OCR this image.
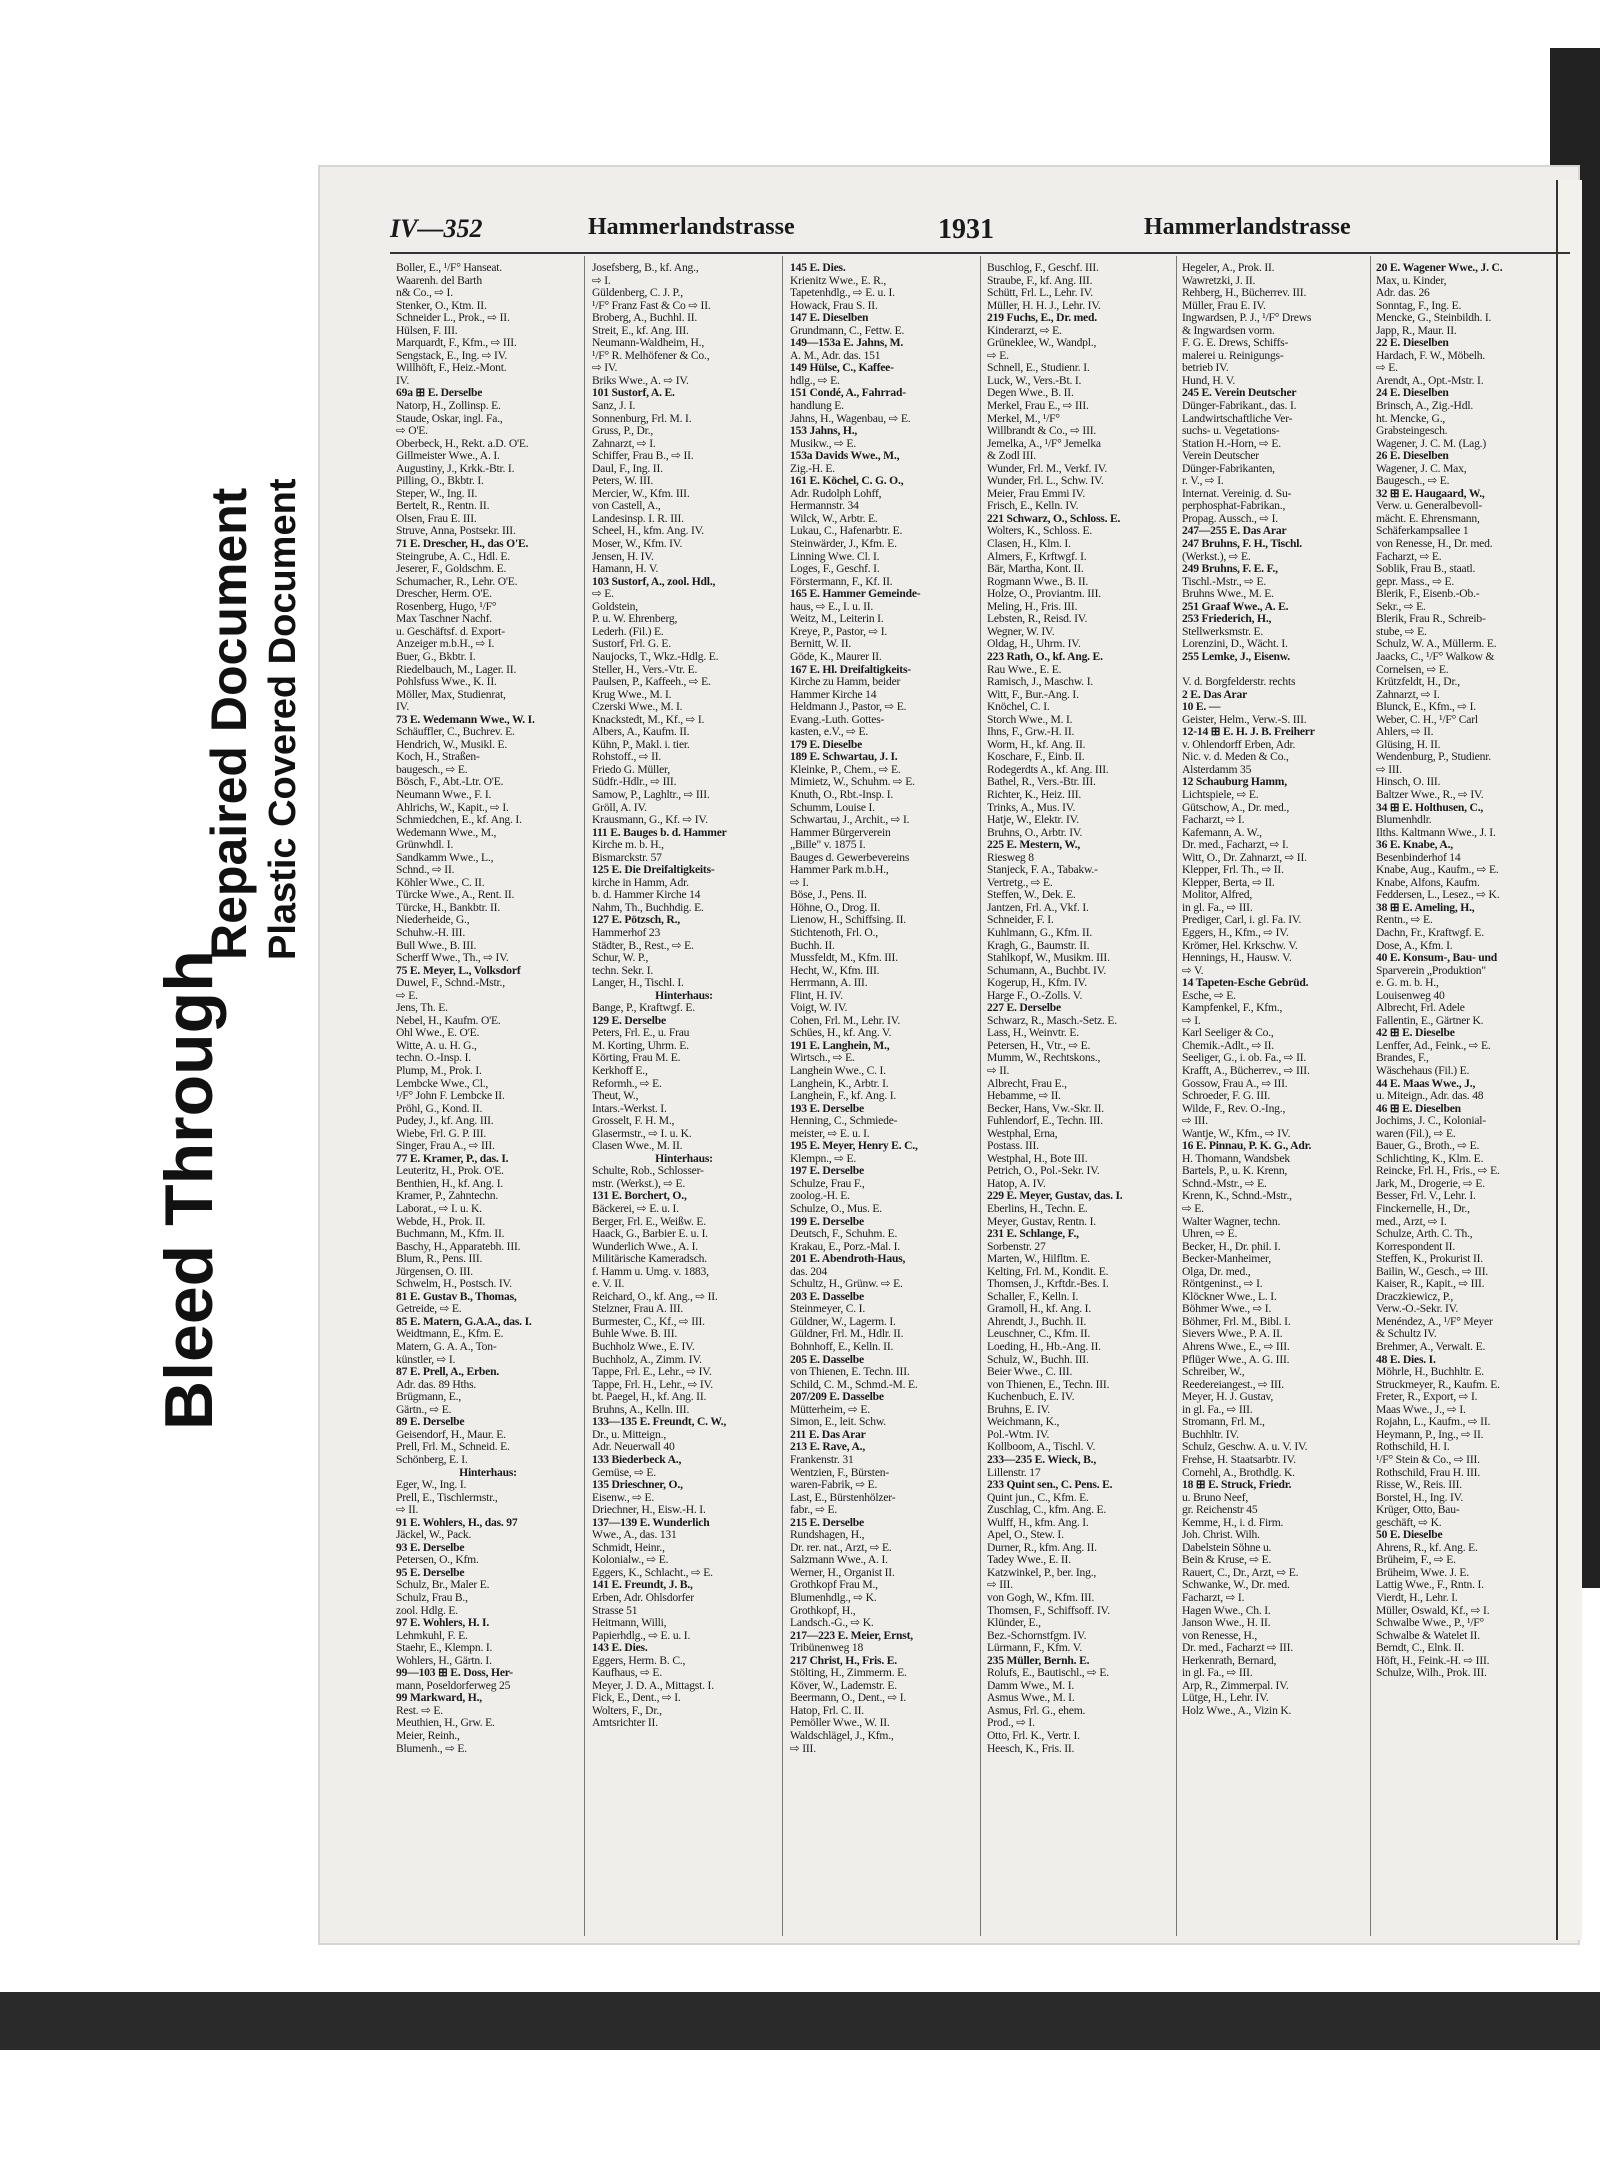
Bleed Through
Repaired Document Plastic Covered Document
IV—352	Hammerlandstrasse	1931	Hammerlandstrasse
Boller, E., ¹/F° Hanseat.
Waarenh. del Barth
n& Co., ⇨ I.
Stenker, O., Ktm. II.
Schneider L., Prok., ⇨ II.
Hülsen, F. III.
Marquardt, F., Kfm., ⇨ III.
Sengstack, E., Ing. ⇨ IV.
Willhöft, F., Heiz.-Mont.
IV.
69a ⊞ E. Derselbe
Natorp, H., Zollinsp. E.
Staude, Oskar, ingl. Fa.,
⇨ O'E.
Oberbeck, H., Rekt. a.D. O'E.
Gillmeister Wwe., A. I.
Augustiny, J., Krkk.-Btr. I.
Pilling, O., Bkbtr. I.
Steper, W., Ing. II.
Bertelt, R., Rentn. II.
Olsen, Frau E. III.
Struve, Anna, Postsekr. III.
71 E. Drescher, H., das O'E.
Steingrube, A. C., Hdl. E.
Jeserer, F., Goldschm. E.
Schumacher, R., Lehr. O'E.
Drescher, Herm. O'E.
Rosenberg, Hugo, ¹/F°
Max Taschner Nachf.
u. Geschäftsf. d. Export-
Anzeiger m.b.H., ⇨ I.
Buer, G., Bkbtr. I.
Riedelbauch, M., Lager. II.
Pohlsfuss Wwe., K. II.
Möller, Max, Studienrat,
IV.
73 E. Wedemann Wwe., W. I.
Schäuffler, C., Buchrev. E.
Hendrich, W., Musikl. E.
Koch, H., Straßen-
baugesch., ⇨ E.
Bösch, F., Abt.-Ltr. O'E.
Neumann Wwe., F. I.
Ahlrichs, W., Kapit., ⇨ I.
Schmiedchen, E., kf. Ang. I.
Wedemann Wwe., M.,
Grünwhdl. I.
Sandkamm Wwe., L.,
Schnd., ⇨ II.
Köhler Wwe., C. II.
Türcke Wwe., A., Rent. II.
Türcke, H., Bankbtr. II.
Niederheide, G.,
Schuhw.-H. III.
Bull Wwe., B. III.
Scherff Wwe., Th., ⇨ IV.
75 E. Meyer, L., Volksdorf
Duwel, F., Schnd.-Mstr.,
⇨ E.
Jens, Th. E.
Nebel, H., Kaufm. O'E.
Ohl Wwe., E. O'E.
Witte, A. u. H. G.,
techn. O.-Insp. I.
Plump, M., Prok. I.
Lembcke Wwe., Cl.,
¹/F° John F. Lembcke II.
Pröhl, G., Kond. II.
Pudey, J., kf. Ang. III.
Wiebe, Frl. G. P. III.
Singer, Frau A., ⇨ III.
77 E. Kramer, P., das. I.
Leuteritz, H., Prok. O'E.
Benthien, H., kf. Ang. I.
Kramer, P., Zahntechn.
Laborat., ⇨ I. u. K.
Webde, H., Prok. II.
Buchmann, M., Kfm. II.
Baschy, H., Apparatebh. III.
Blum, R., Pens. III.
Jürgensen, O. III.
Schwelm, H., Postsch. IV.
81 E. Gustav B., Thomas,
Getreide, ⇨ E.
85 E. Matern, G.A.A., das. I.
Weidtmann, E., Kfm. E.
Matern, G. A. A., Ton-
künstler, ⇨ I.
87 E. Prell, A., Erben.
Adr. das. 89 Hths.
Brügmann, E.,
Gärtn., ⇨ E.
89 E. Derselbe
Geisendorf, H., Maur. E.
Prell, Frl. M., Schneid. E.
Schönberg, E. I.
Hinterhaus:
Eger, W., Ing. I.
Prell, E., Tischlermstr.,
⇨ II.
91 E. Wohlers, H., das. 97
Jäckel, W., Pack.
93 E. Derselbe
Petersen, O., Kfm.
95 E. Derselbe
Schulz, Br., Maler E.
Schulz, Frau B.,
zool. Hdlg. E.
97 E. Wohlers, H. I.
Lehmkuhl, F. E.
Staehr, E., Klempn. I.
Wohlers, H., Gärtn. I.
99—103 ⊞ E. Doss, Her-
mann, Poseldorferweg 25
99 Markward, H.,
Rest. ⇨ E.
Meuthien, H., Grw. E.
Meier, Reinh.,
Blumenh., ⇨ E.
Josefsberg, B., kf. Ang.,
⇨ I.
Güldenberg, C. J. P.,
¹/F° Franz Fast & Co ⇨ II.
Broberg, A., Buchhl. II.
Streit, E., kf. Ang. III.
Neumann-Waldheim, H.,
¹/F° R. Melhöfener & Co.,
⇨ IV.
Briks Wwe., A. ⇨ IV.
101 Sustorf, A. E.
Sanz, J. I.
Sonnenburg, Frl. M. I.
Gruss, P., Dr.,
Zahnarzt, ⇨ I.
Schiffer, Frau B., ⇨ II.
Daul, F., Ing. II.
Peters, W. III.
Mercier, W., Kfm. III.
von Castell, A.,
Landesinsp. I. R. III.
Scheel, H., kfm. Ang. IV.
Moser, W., Kfm. IV.
Jensen, H. IV.
Hamann, H. V.
103 Sustorf, A., zool. Hdl.,
⇨ E.
Goldstein,
P. u. W. Ehrenberg,
Lederh. (Fil.) E.
Sustorf, Frl. G. E.
Naujocks, T., Wkz.-Hdlg. E.
Steller, H., Vers.-Vtr. E.
Paulsen, P., Kaffeeh., ⇨ E.
Krug Wwe., M. I.
Czerski Wwe., M. I.
Knackstedt, M., Kf., ⇨ I.
Albers, A., Kaufm. II.
Kühn, P., Makl. i. tier.
Rohstoff., ⇨ II.
Friedo G. Müller,
Südfr.-Hdlr., ⇨ III.
Samow, P., Laghltr., ⇨ III.
Gröll, A. IV.
Krausmann, G., Kf. ⇨ IV.
111 E. Bauges b. d. Hammer
Kirche m. b. H.,
Bismarckstr. 57
125 E. Die Dreifaltigkeits-
kirche in Hamm, Adr.
b. d. Hammer Kirche 14
Nahm, Th., Buchhdig. E.
127 E. Pötzsch, R.,
Hammerhof 23
Städter, B., Rest., ⇨ E.
Schur, W. P.,
techn. Sekr. I.
Langer, H., Tischl. I.
Hinterhaus:
Bange, P., Kraftwgf. E.
129 E. Derselbe
Peters, Frl. E., u. Frau
M. Korting, Uhrm. E.
Körting, Frau M. E.
Kerkhoff E.,
Reformh., ⇨ E.
Theut, W.,
Intars.-Werkst. I.
Grosselt, F. H. M.,
Glasermstr., ⇨ I. u. K.
Clasen Wwe., M. II.
Hinterhaus:
Schulte, Rob., Schlosser-
mstr. (Werkst.), ⇨ E.
131 E. Borchert, O.,
Bäckerei, ⇨ E. u. I.
Berger, Frl. E., Weißw. E.
Haack, G., Barbier E. u. I.
Wunderlich Wwe., A. I.
Militärische Kameradsch.
f. Hamm u. Umg. v. 1883,
e. V. II.
Reichard, O., kf. Ang., ⇨ II.
Stelzner, Frau A. III.
Burmester, C., Kf., ⇨ III.
Buhle Wwe. B. III.
Buchholz Wwe., E. IV.
Buchholz, A., Zimm. IV.
Tappe, Frl. E., Lehr., ⇨ IV.
Tappe, Frl. H., Lehr., ⇨ IV.
bt. Paegel, H., kf. Ang. II.
Bruhns, A., Kelln. III.
133—135 E. Freundt, C. W.,
Dr., u. Mitteign.,
Adr. Neuerwall 40
133 Biederbeck A.,
Gemüse, ⇨ E.
135 Drieschner, O.,
Eisenw., ⇨ E.
Driechner, H., Eisw.-H. I.
137—139 E. Wunderlich
Wwe., A., das. 131
Schmidt, Heinr.,
Kolonialw., ⇨ E.
Eggers, K., Schlacht., ⇨ E.
141 E. Freundt, J. B.,
Erben, Adr. Ohlsdorfer
Strasse 51
Heitmann, Willi,
Papierhdlg., ⇨ E. u. I.
143 E. Dies.
Eggers, Herm. B. C.,
Kaufhaus, ⇨ E.
Meyer, J. D. A., Mittagst. I.
Fick, E., Dent., ⇨ I.
Wolters, F., Dr.,
Amtsrichter II.
145 E. Dies.
Krienitz Wwe., E. R.,
Tapetenhdlg., ⇨ E. u. I.
Howack, Frau S. II.
147 E. Dieselben
Grundmann, C., Fettw. E.
149—153a E. Jahns, M.
A. M., Adr. das. 151
149 Hülse, C., Kaffee-
hdlg., ⇨ E.
151 Condé, A., Fahrrad-
handlung E.
Jahns, H., Wagenbau, ⇨ E.
153 Jahns, H.,
Musikw., ⇨ E.
153a Davids Wwe., M.,
Zig.-H. E.
161 E. Köchel, C. G. O.,
Adr. Rudolph Lohff,
Hermannstr. 34
Wilck, W., Arbtr. E.
Lukau, C., Hafenarbtr. E.
Steinwärder, J., Kfm. E.
Linning Wwe. Cl. I.
Loges, F., Geschf. I.
Förstermann, F., Kf. II.
165 E. Hammer Gemeinde-
haus, ⇨ E., I. u. II.
Weitz, M., Leiterin I.
Kreye, P., Pastor, ⇨ I.
Bernitt, W. II.
Göde, K., Maurer II.
167 E. Hl. Dreifaltigkeits-
Kirche zu Hamm, beider
Hammer Kirche 14
Heldmann J., Pastor, ⇨ E.
Evang.-Luth. Gottes-
kasten, e.V., ⇨ E.
179 E. Dieselbe
189 E. Schwartau, J. I.
Kleinke, P., Chem., ⇨ E.
Mimietz, W., Schuhm. ⇨ E.
Knuth, O., Rbt.-Insp. I.
Schumm, Louise I.
Schwartau, J., Archit., ⇨ I.
Hammer Bürgerverein
„Bille" v. 1875 I.
Bauges d. Gewerbevereins
Hammer Park m.b.H.,
⇨ I.
Böse, J., Pens. II.
Höhne, O., Drog. II.
Lienow, H., Schiffsing. II.
Stichtenoth, Frl. O.,
Buchh. II.
Mussfeldt, M., Kfm. III.
Hecht, W., Kfm. III.
Herrmann, A. III.
Flint, H. IV.
Voigt, W. IV.
Cohen, Frl. M., Lehr. IV.
Schües, H., kf. Ang. V.
191 E. Langhein, M.,
Wirtsch., ⇨ E.
Langhein Wwe., C. I.
Langhein, K., Arbtr. I.
Langhein, F., kf. Ang. I.
193 E. Derselbe
Henning, C., Schmiede-
meister, ⇨ E. u. I.
195 E. Meyer, Henry E. C.,
Klempn., ⇨ E.
197 E. Derselbe
Schulze, Frau F.,
zoolog.-H. E.
Schulze, O., Mus. E.
199 E. Derselbe
Deutsch, F., Schuhm. E.
Krakau, E., Porz.-Mal. I.
201 E. Abendroth-Haus,
das. 204
Schultz, H., Grünw. ⇨ E.
203 E. Dasselbe
Steinmeyer, C. I.
Güldner, W., Lagerm. I.
Güldner, Frl. M., Hdlr. II.
Bohnhoff, E., Kelln. II.
205 E. Dasselbe
von Thienen, E. Techn. III.
Schild, C. M., Schmd.-M. E.
207/209 E. Dasselbe
Mütterheim, ⇨ E.
Simon, E., leit. Schw.
211 E. Das Arar
213 E. Rave, A.,
Frankenstr. 31
Wentzien, F., Bürsten-
waren-Fabrik, ⇨ E.
Last, E., Bürstenhölzer-
fabr., ⇨ E.
215 E. Derselbe
Rundshagen, H.,
Dr. rer. nat., Arzt, ⇨ E.
Salzmann Wwe., A. I.
Werner, H., Organist II.
Grothkopf Frau M.,
Blumenhdlg., ⇨ K.
Grothkopf, H.,
Landsch.-G., ⇨ K.
217—223 E. Meier, Ernst,
Tribünenweg 18
217 Christ, H., Fris. E.
Stölting, H., Zimmerm. E.
Köver, W., Lademstr. E.
Beermann, O., Dent., ⇨ I.
Hatop, Frl. C. II.
Pemöller Wwe., W. II.
Waldschlägel, J., Kfm.,
⇨ III.
Buschlog, F., Geschf. III.
Straube, F., kf. Ang. III.
Schütt, Frl. L., Lehr. IV.
Müller, H. H. J., Lehr. IV.
219 Fuchs, E., Dr. med.
Kinderarzt, ⇨ E.
Grüneklee, W., Wandpl.,
⇨ E.
Schnell, E., Studienr. I.
Luck, W., Vers.-Bt. I.
Degen Wwe., B. II.
Merkel, Frau E., ⇨ III.
Merkel, M., ¹/F°
Willbrandt & Co., ⇨ III.
Jemelka, A., ¹/F° Jemelka
& Zodl III.
Wunder, Frl. M., Verkf. IV.
Wunder, Frl. L., Schw. IV.
Meier, Frau Emmi IV.
Frisch, E., Kelln. IV.
221 Schwarz, O., Schloss. E.
Wolters, K., Schloss. E.
Clasen, H., Klm. I.
Almers, F., Krftwgf. I.
Bär, Martha, Kont. II.
Rogmann Wwe., B. II.
Holze, O., Proviantm. III.
Meling, H., Fris. III.
Lebsten, R., Reisd. IV.
Wegner, W. IV.
Oldag, H., Uhrm. IV.
223 Rath, O., kf. Ang. E.
Rau Wwe., E. E.
Ramisch, J., Maschw. I.
Witt, F., Bur.-Ang. I.
Knöchel, C. I.
Storch Wwe., M. I.
Ihns, F., Grw.-H. II.
Worm, H., kf. Ang. II.
Koschare, F., Einb. II.
Rodegerdts A., kf. Ang. III.
Bathel, R., Vers.-Btr. III.
Richter, K., Heiz. III.
Trinks, A., Mus. IV.
Hatje, W., Elektr. IV.
Bruhns, O., Arbtr. IV.
225 E. Mestern, W.,
Riesweg 8
Stanjeck, F. A., Tabakw.-
Vertretg., ⇨ E.
Steffen, W., Dek. E.
Jantzen, Frl. A., Vkf. I.
Schneider, F. I.
Kuhlmann, G., Kfm. II.
Kragh, G., Baumstr. II.
Stahlkopf, W., Musikm. III.
Schumann, A., Buchbt. IV.
Kogerup, H., Kfm. IV.
Harge F., O.-Zolls. V.
227 E. Derselbe
Schwarz, R., Masch.-Setz. E.
Lass, H., Weinvtr. E.
Petersen, H., Vtr., ⇨ E.
Mumm, W., Rechtskons.,
⇨ II.
Albrecht, Frau E.,
Hebamme, ⇨ II.
Becker, Hans, Vw.-Skr. II.
Fuhlendorf, E., Techn. III.
Westphal, Erna,
Postass. III.
Westphal, H., Bote III.
Petrich, O., Pol.-Sekr. IV.
Hatop, A. IV.
229 E. Meyer, Gustav, das. I.
Eberlins, H., Techn. E.
Meyer, Gustav, Rentn. I.
231 E. Schlange, F.,
Sorbenstr. 27
Marten, W., Hilfltm. E.
Kelting, Frl. M., Kondit. E.
Thomsen, J., Krftdr.-Bes. I.
Schaller, F., Kelln. I.
Gramoll, H., kf. Ang. I.
Ahrendt, J., Buchh. II.
Leuschner, C., Kfm. II.
Loeding, H., Hb.-Ang. II.
Schulz, W., Buchh. III.
Beier Wwe., C. III.
von Thienen, E., Techn. III.
Kuchenbuch, E. IV.
Bruhns, E. IV.
Weichmann, K.,
Pol.-Wtm. IV.
Kollboom, A., Tischl. V.
233—235 E. Wieck, B.,
Lillenstr. 17
233 Quint sen., C. Pens. E.
Quint jun., C., Kfm. E.
Zuschlag, C., kfm. Ang. E.
Wulff, H., kfm. Ang. I.
Apel, O., Stew. I.
Durner, R., kfm. Ang. II.
Tadey Wwe., E. II.
Katzwinkel, P., ber. Ing.,
⇨ III.
von Gogh, W., Kfm. III.
Thomsen, F., Schiffsoff. IV.
Klünder, E.,
Bez.-Schornstfgm. IV.
Lürmann, F., Kfm. V.
235 Müller, Bernh. E.
Rolufs, E., Bautischl., ⇨ E.
Damm Wwe., M. I.
Asmus Wwe., M. I.
Asmus, Frl. G., ehem.
Prod., ⇨ I.
Otto, Frl. K., Vertr. I.
Heesch, K., Fris. II.
Hegeler, A., Prok. II.
Wawretzki, J. II.
Rehberg, H., Bücherrev. III.
Müller, Frau E. IV.
Ingwardsen, P. J., ¹/F° Drews
& Ingwardsen vorm.
F. G. E. Drews, Schiffs-
malerei u. Reinigungs-
betrieb IV.
Hund, H. V.
245 E. Verein Deutscher
Dünger-Fabrikant., das. I.
Landwirtschaftliche Ver-
suchs- u. Vegetations-
Station H.-Horn, ⇨ E.
Verein Deutscher
Dünger-Fabrikanten,
r. V., ⇨ I.
Internat. Vereinig. d. Su-
perphosphat-Fabrikan.,
Propag. Aussch., ⇨ I.
247—255 E. Das Arar
247 Bruhns, F. H., Tischl.
(Werkst.), ⇨ E.
249 Bruhns, F. E. F.,
Tischl.-Mstr., ⇨ E.
Bruhns Wwe., M. E.
251 Graaf Wwe., A. E.
253 Friederich, H.,
Stellwerksmstr. E.
Lorenzini, D., Wächt. I.
255 Lemke, J., Eisenw.

V. d. Borgfelderstr. rechts
2 E. Das Arar
10 E. —
Geister, Helm., Verw.-S. III.
12-14 ⊞ E. H. J. B. Freiherr
v. Ohlendorff Erben, Adr.
Nic. v. d. Meden & Co.,
Alsterdamm 35
12 Schauburg Hamm,
Lichtspiele, ⇨ E.
Gütschow, A., Dr. med.,
Facharzt, ⇨ I.
Kafemann, A. W.,
Dr. med., Facharzt, ⇨ I.
Witt, O., Dr. Zahnarzt, ⇨ II.
Klepper, Frl. Th., ⇨ II.
Klepper, Berta, ⇨ II.
Molitor, Alfred,
in gl. Fa., ⇨ III.
Prediger, Carl, i. gl. Fa. IV.
Eggers, H., Kfm., ⇨ IV.
Krömer, Hel. Krkschw. V.
Hennings, H., Hausw. V.
⇨ V.
14 Tapeten-Esche Gebrüd.
Esche, ⇨ E.
Kampfenkel, F., Kfm.,
⇨ I.
Karl Seeliger & Co.,
Chemik.-Adlt., ⇨ II.
Seeliger, G., i. ob. Fa., ⇨ II.
Krafft, A., Bücherrev., ⇨ III.
Gossow, Frau A., ⇨ III.
Schroeder, F. G. III.
Wilde, F., Rev. O.-Ing.,
⇨ III.
Wantje, W., Kfm., ⇨ IV.
16 E. Pinnau, P. K. G., Adr.
H. Thomann, Wandsbek
Bartels, P., u. K. Krenn,
Schnd.-Mstr., ⇨ E.
Krenn, K., Schnd.-Mstr.,
⇨ E.
Walter Wagner, techn.
Uhren, ⇨ E.
Becker, H., Dr. phil. I.
Becker-Manheimer,
Olga, Dr. med.,
Röntgeninst., ⇨ I.
Klöckner Wwe., L. I.
Böhmer Wwe., ⇨ I.
Böhmer, Frl. M., Bibl. I.
Sievers Wwe., P. A. II.
Ahrens Wwe., E., ⇨ III.
Pflüger Wwe., A. G. III.
Schreiber, W.,
Reedereiangest., ⇨ III.
Meyer, H. J. Gustav,
in gl. Fa., ⇨ III.
Stromann, Frl. M.,
Buchhltr. IV.
Schulz, Geschw. A. u. V. IV.
Frehse, H. Staatsarbtr. IV.
Cornehl, A., Brothdlg. K.
18 ⊞ E. Struck, Friedr.
u. Bruno Neef,
gr. Reichenstr 45
Kemme, H., i. d. Firm.
Joh. Christ. Wilh.
Dabelstein Söhne u.
Bein & Kruse, ⇨ E.
Rauert, C., Dr., Arzt, ⇨ E.
Schwanke, W., Dr. med.
Facharzt, ⇨ I.
Hagen Wwe., Ch. I.
Janson Wwe., H. II.
von Renesse, H.,
Dr. med., Facharzt ⇨ III.
Herkenrath, Bernard,
in gl. Fa., ⇨ III.
Arp, R., Zimmerpal. IV.
Lütge, H., Lehr. IV.
Holz Wwe., A., Vizin K.
20 E. Wagener Wwe., J. C.
Max, u. Kinder,
Adr. das. 26
Sonntag, F., Ing. E.
Mencke, G., Steinbildh. I.
Japp, R., Maur. II.
22 E. Dieselben
Hardach, F. W., Möbelh.
⇨ E.
Arendt, A., Opt.-Mstr. I.
24 E. Dieselben
Brinsch, A., Zig.-Hdl.
ht. Mencke, G.,
Grabsteingesch.
Wagener, J. C. M. (Lag.)
26 E. Dieselben
Wagener, J. C. Max,
Baugesch., ⇨ E.
32 ⊞ E. Haugaard, W.,
Verw. u. Generalbevoll-
mächt. E. Ehrensmann,
Schäferkampsallee 1
von Renesse, H., Dr. med.
Facharzt, ⇨ E.
Soblik, Frau B., staatl.
gepr. Mass., ⇨ E.
Blerik, F., Eisenb.-Ob.-
Sekr., ⇨ E.
Blerik, Frau R., Schreib-
stube, ⇨ E.
Schulz, W. A., Müllerm. E.
Jaacks, C., ¹/F° Walkow &
Cornelsen, ⇨ E.
Krützfeldt, H., Dr.,
Zahnarzt, ⇨ I.
Blunck, E., Kfm., ⇨ I.
Weber, C. H., ¹/F° Carl
Ahlers, ⇨ II.
Glüsing, H. II.
Wendenburg, P., Studienr.
⇨ III.
Hinsch, O. III.
Baltzer Wwe., R., ⇨ IV.
34 ⊞ E. Holthusen, C.,
Blumenhdlr.
Ilths. Kaltmann Wwe., J. I.
36 E. Knabe, A.,
Besenbinderhof 14
Knabe, Aug., Kaufm., ⇨ E.
Knabe, Alfons, Kaufm.
Feddersen, L., Lesez., ⇨ K.
38 ⊞ E. Ameling, H.,
Rentn., ⇨ E.
Dachn, Fr., Kraftwgf. E.
Dose, A., Kfm. I.
40 E. Konsum-, Bau- und
Sparverein „Produktion"
e. G. m. b. H.,
Louisenweg 40
Albrecht, Frl. Adele
Fallentin, E., Gärtner K.
42 ⊞ E. Dieselbe
Lenffer, Ad., Feink., ⇨ E.
Brandes, F.,
Wäschehaus (Fil.) E.
44 E. Maas Wwe., J.,
u. Miteign., Adr. das. 48
46 ⊞ E. Dieselben
Jochims, J. C., Kolonial-
waren (Fil.), ⇨ E.
Bauer, G., Broth., ⇨ E.
Schlichting, K., Klm. E.
Reincke, Frl. H., Fris., ⇨ E.
Jark, M., Drogerie, ⇨ E.
Besser, Frl. V., Lehr. I.
Finckernelle, H., Dr.,
med., Arzt, ⇨ I.
Schulze, Arth. C. Th.,
Korrespondent II.
Steffen, K., Prokurist II.
Bailin, W., Gesch., ⇨ III.
Kaiser, R., Kapit., ⇨ III.
Draczkiewicz, P.,
Verw.-O.-Sekr. IV.
Menéndez, A., ¹/F° Meyer
& Schultz IV.
Brehmer, A., Verwalt. E.
48 E. Dies. I.
Möhrle, H., Buchhltr. E.
Struckmeyer, R., Kaufm. E.
Freter, R., Export, ⇨ I.
Maas Wwe., J., ⇨ I.
Rojahn, L., Kaufm., ⇨ II.
Heymann, P., Ing., ⇨ II.
Rothschild, H. I.
¹/F° Stein & Co., ⇨ III.
Rothschild, Frau H. III.
Risse, W., Reis. III.
Borstel, H., Ing. IV.
Krüger, Otto, Bau-
geschäft, ⇨ K.
50 E. Dieselbe
Ahrens, R., kf. Ang. E.
Brüheim, F., ⇨ E.
Brüheim, Wwe. J. E.
Lattig Wwe., F., Rntn. I.
Vierdt, H., Lehr. I.
Müller, Oswald, Kf., ⇨ I.
Schwalbe Wwe., P., ¹/F°
Schwalbe & Watelet II.
Berndt, C., Elnk. II.
Höft, H., Feink.-H. ⇨ III.
Schulze, Wilh., Prok. III.
